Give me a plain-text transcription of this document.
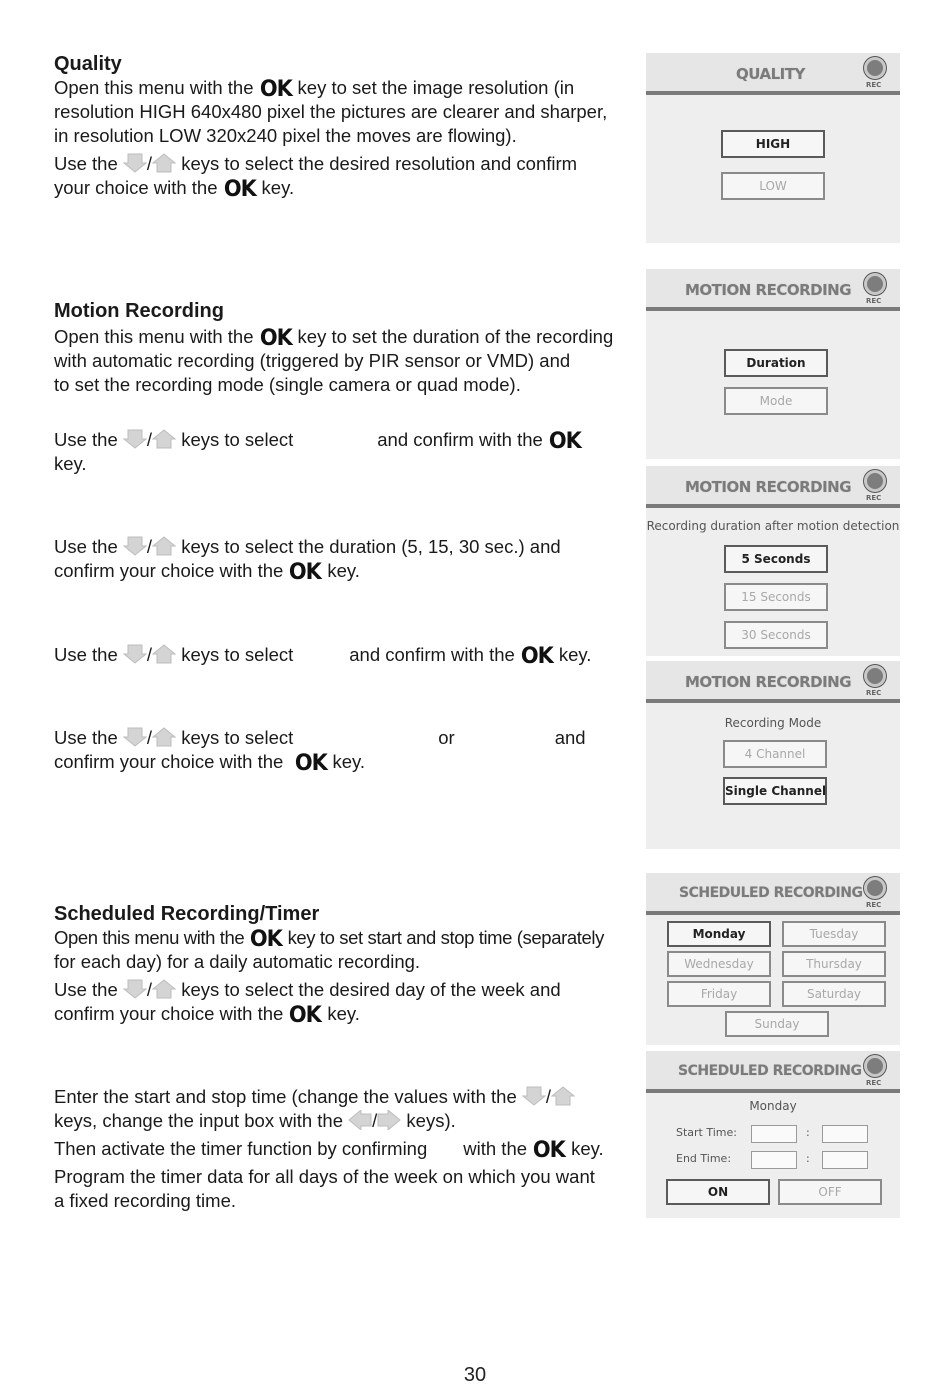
Quality
Open this menu with the OK key to set the image resolution (in
resolution HIGH 640x480 pixel the pictures are clearer and sharper,
in resolution LOW 320x240 pixel the moves are flowing).
Use the / keys to select the desired resolution and confirm
your choice with the OK key.
QUALITY
REC
HIGH
LOW
Motion Recording
Open this menu with the OK key to set the duration of the recording
with automatic recording (triggered by PIR sensor or VMD) and
to set the recording mode (single camera or quad mode).
Use the / keys to select	and confirm with the OK
key.
Use the / keys to select the duration (5, 15, 30 sec.) and
confirm your choice with the OK key.
Use the / keys to select	and confirm with the OK key.
Use the / keys to select	or	and
confirm your choice with the OK key.
MOTION RECORDING
REC
Duration
Mode
MOTION RECORDING
REC
Recording duration after motion detection
5 Seconds
15 Seconds
30 Seconds
MOTION RECORDING
REC
Recording Mode
4 Channel
Single Channel
Scheduled Recording/Timer
Open this menu with the OK key to set start and stop time (separately
for each day) for a daily automatic recording.
Use the / keys to select the desired day of the week and
confirm your choice with the OK key.
Enter the start and stop time (change the values with the /
keys, change the input box with the / keys).
Then activate the timer function by confirming with the OK key.
Program the timer data for all days of the week on which you want
a fixed recording time.
SCHEDULED RECORDING
REC
Monday	Tuesday
Wednesday	Thursday
Friday	Saturday
Sunday
SCHEDULED RECORDING
REC
Monday
Start Time:	:
End Time:	:
ON	OFF
30
